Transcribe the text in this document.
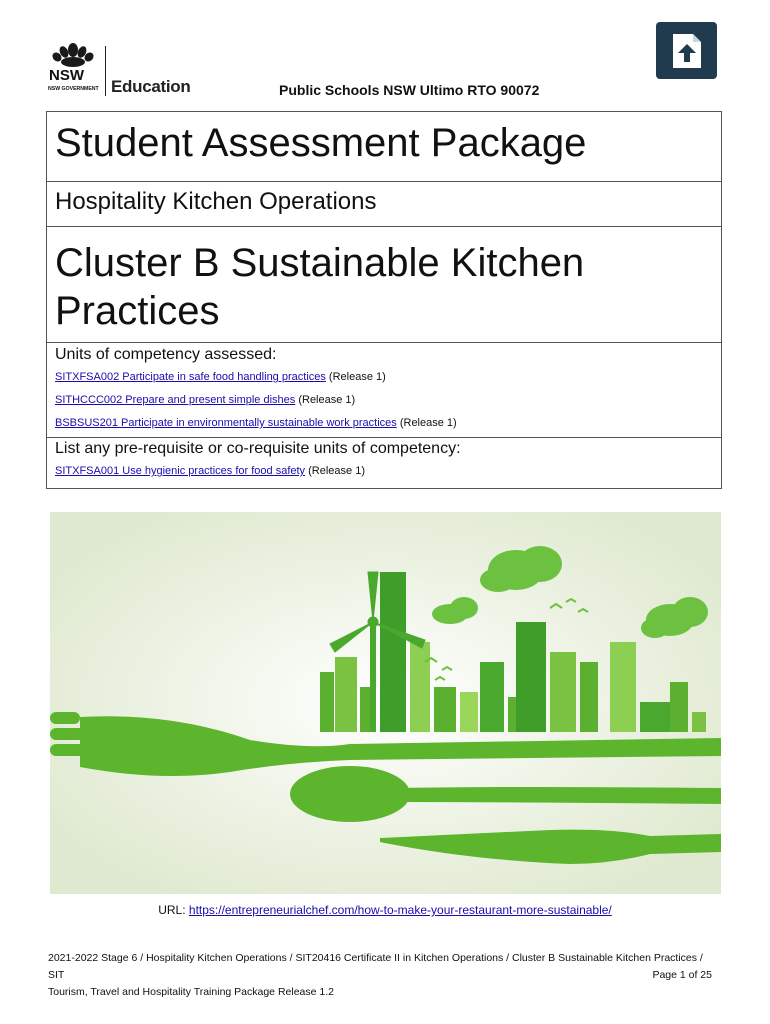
NSW
NSW GOVERNMENT Education	Public Schools NSW Ultimo RTO 90072
Student Assessment Package
Hospitality Kitchen Operations
Cluster B Sustainable Kitchen Practices
Units of competency assessed:
SITXFSA002 Participate in safe food handling practices (Release 1)
SITHCCC002 Prepare and present simple dishes (Release 1)
BSBSUS201 Participate in environmentally sustainable work practices (Release 1)
List any pre-requisite or co-requisite units of competency:
SITXFSA001 Use hygienic practices for food safety (Release 1)
URL: https://entrepreneurialchef.com/how-to-make-your-restaurant-more-sustainable/
2021-2022 Stage 6 / Hospitality Kitchen Operations / SIT20416 Certificate II in Kitchen Operations / Cluster B Sustainable Kitchen Practices / SIT
Tourism, Travel and Hospitality Training Package Release 1.2
Page 1 of 25
